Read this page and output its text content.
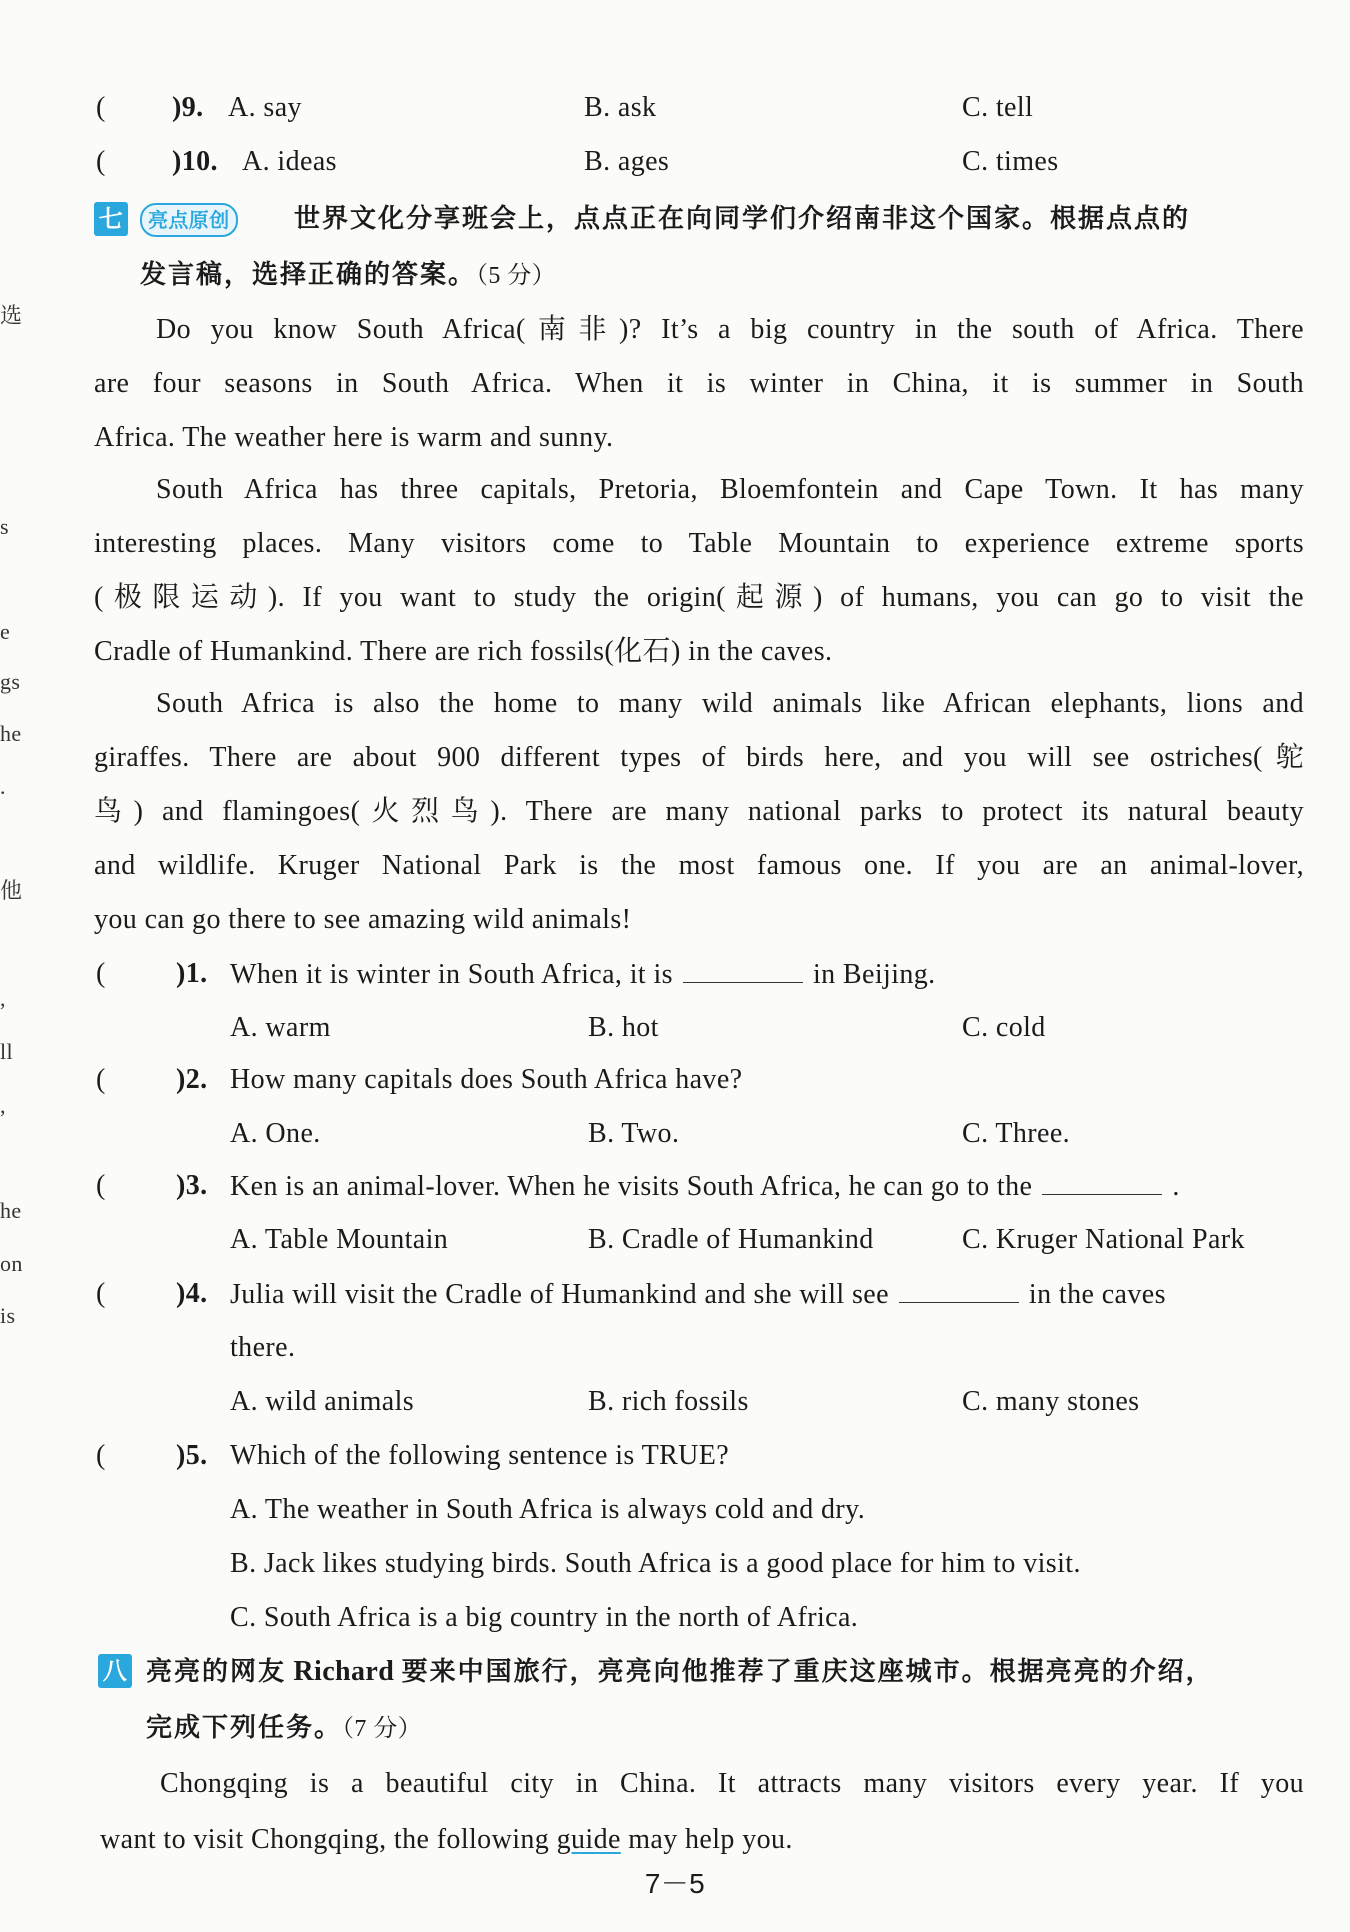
选
s
e
gs
he
.
他
,
ll
,
he
on
is
( )9. A. say	B. ask	C. tell
( )10. A. ideas	B. ages	C. times
七	亮点原创	世界文化分享班会上，点点正在向同学们介绍南非这个国家。根据点点的
发言稿，选择正确的答案。（5 分）
Do you know South Africa(南非)? It’s a big country in the south of Africa. There
are four seasons in South Africa. When it is winter in China, it is summer in South
Africa. The weather here is warm and sunny.
South Africa has three capitals, Pretoria, Bloemfontein and Cape Town. It has many
interesting places. Many visitors come to Table Mountain to experience extreme sports
(极限运动). If you want to study the origin(起源) of humans, you can go to visit the
Cradle of Humankind. There are rich fossils(化石) in the caves.
South Africa is also the home to many wild animals like African elephants, lions and
giraffes. There are about 900 different types of birds here, and you will see ostriches(鸵
鸟) and flamingoes(火烈鸟). There are many national parks to protect its natural beauty
and wildlife. Kruger National Park is the most famous one. If you are an animal-lover,
you can go there to see amazing wild animals!
(	)1. When it is winter in South Africa, it is	in Beijing.
A. warm	B. hot	C. cold
(	)2. How many capitals does South Africa have?
A. One.	B. Two.	C. Three.
(	)3. Ken is an animal-lover. When he visits South Africa, he can go to the	.
A. Table Mountain	B. Cradle of Humankind	C. Kruger National Park
(	)4. Julia will visit the Cradle of Humankind and she will see	in the caves
there.
A. wild animals	B. rich fossils	C. many stones
(	)5. Which of the following sentence is TRUE?
A. The weather in South Africa is always cold and dry.
B. Jack likes studying birds. South Africa is a good place for him to visit.
C. South Africa is a big country in the north of Africa.
八 亮亮的网友 Richard 要来中国旅行，亮亮向他推荐了重庆这座城市。根据亮亮的介绍，
完成下列任务。（7 分）
Chongqing is a beautiful city in China. It attracts many visitors every year. If you
want to visit Chongqing, the following guide may help you.
7－5
